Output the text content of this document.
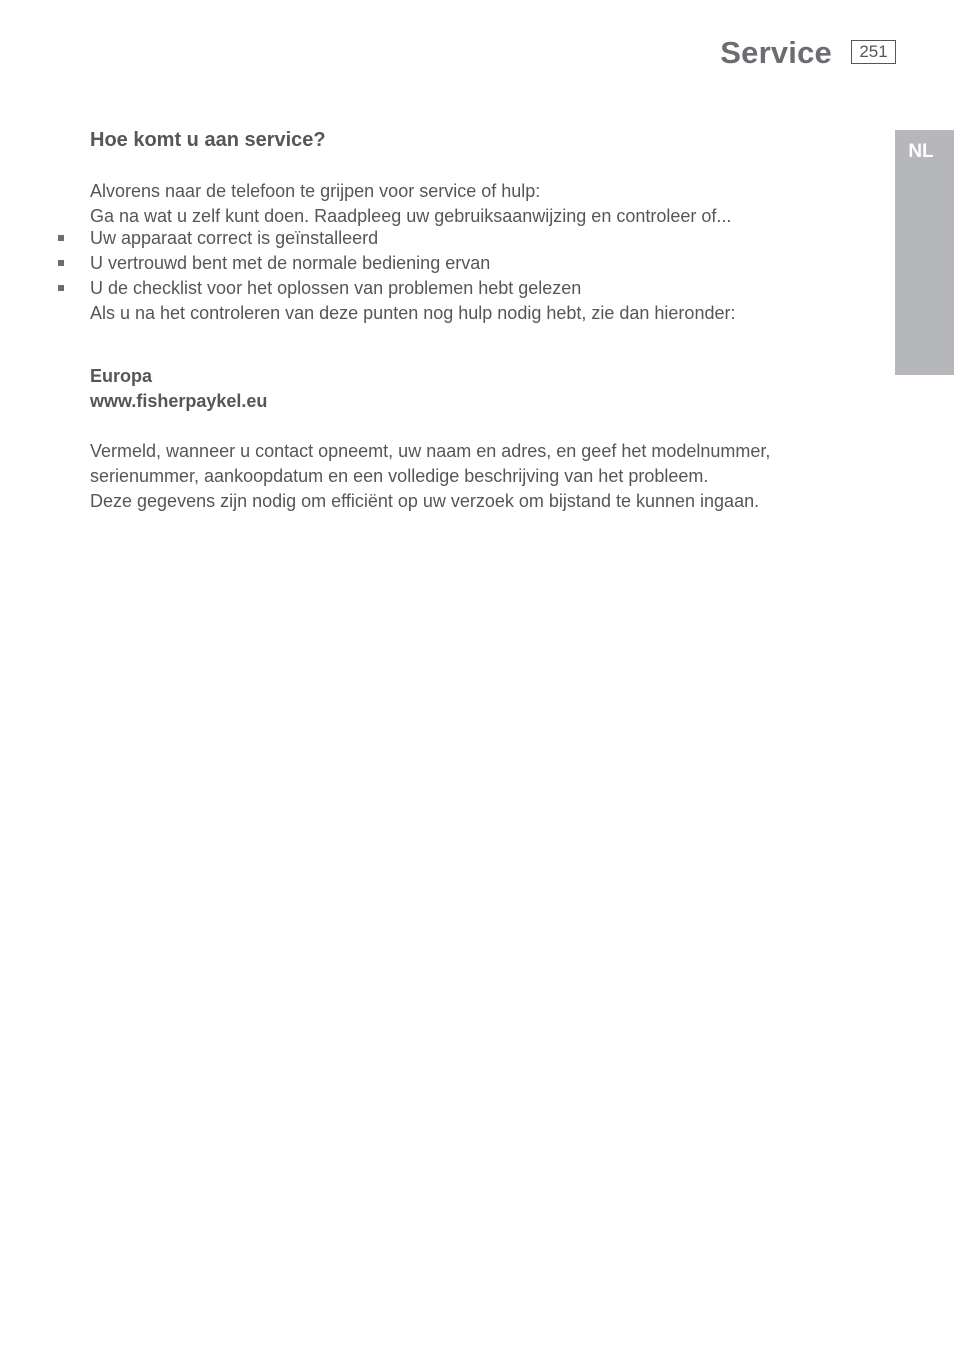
Service	251
NL
Hoe komt u aan service?
Alvorens naar de telefoon te grijpen voor service of hulp:
Ga na wat u zelf kunt doen. Raadpleeg uw gebruiksaanwijzing en controleer of...
Uw apparaat correct is geïnstalleerd
U vertrouwd bent met de normale bediening ervan
U de checklist voor het oplossen van problemen hebt gelezen
Als u na het controleren van deze punten nog hulp nodig hebt, zie dan hieronder:
Europa
www.fisherpaykel.eu
Vermeld, wanneer u contact opneemt, uw naam en adres, en geef het modelnummer,
serienummer, aankoopdatum en een volledige beschrijving van het probleem.
Deze gegevens zijn nodig om efficiënt op uw verzoek om bijstand te kunnen ingaan.
